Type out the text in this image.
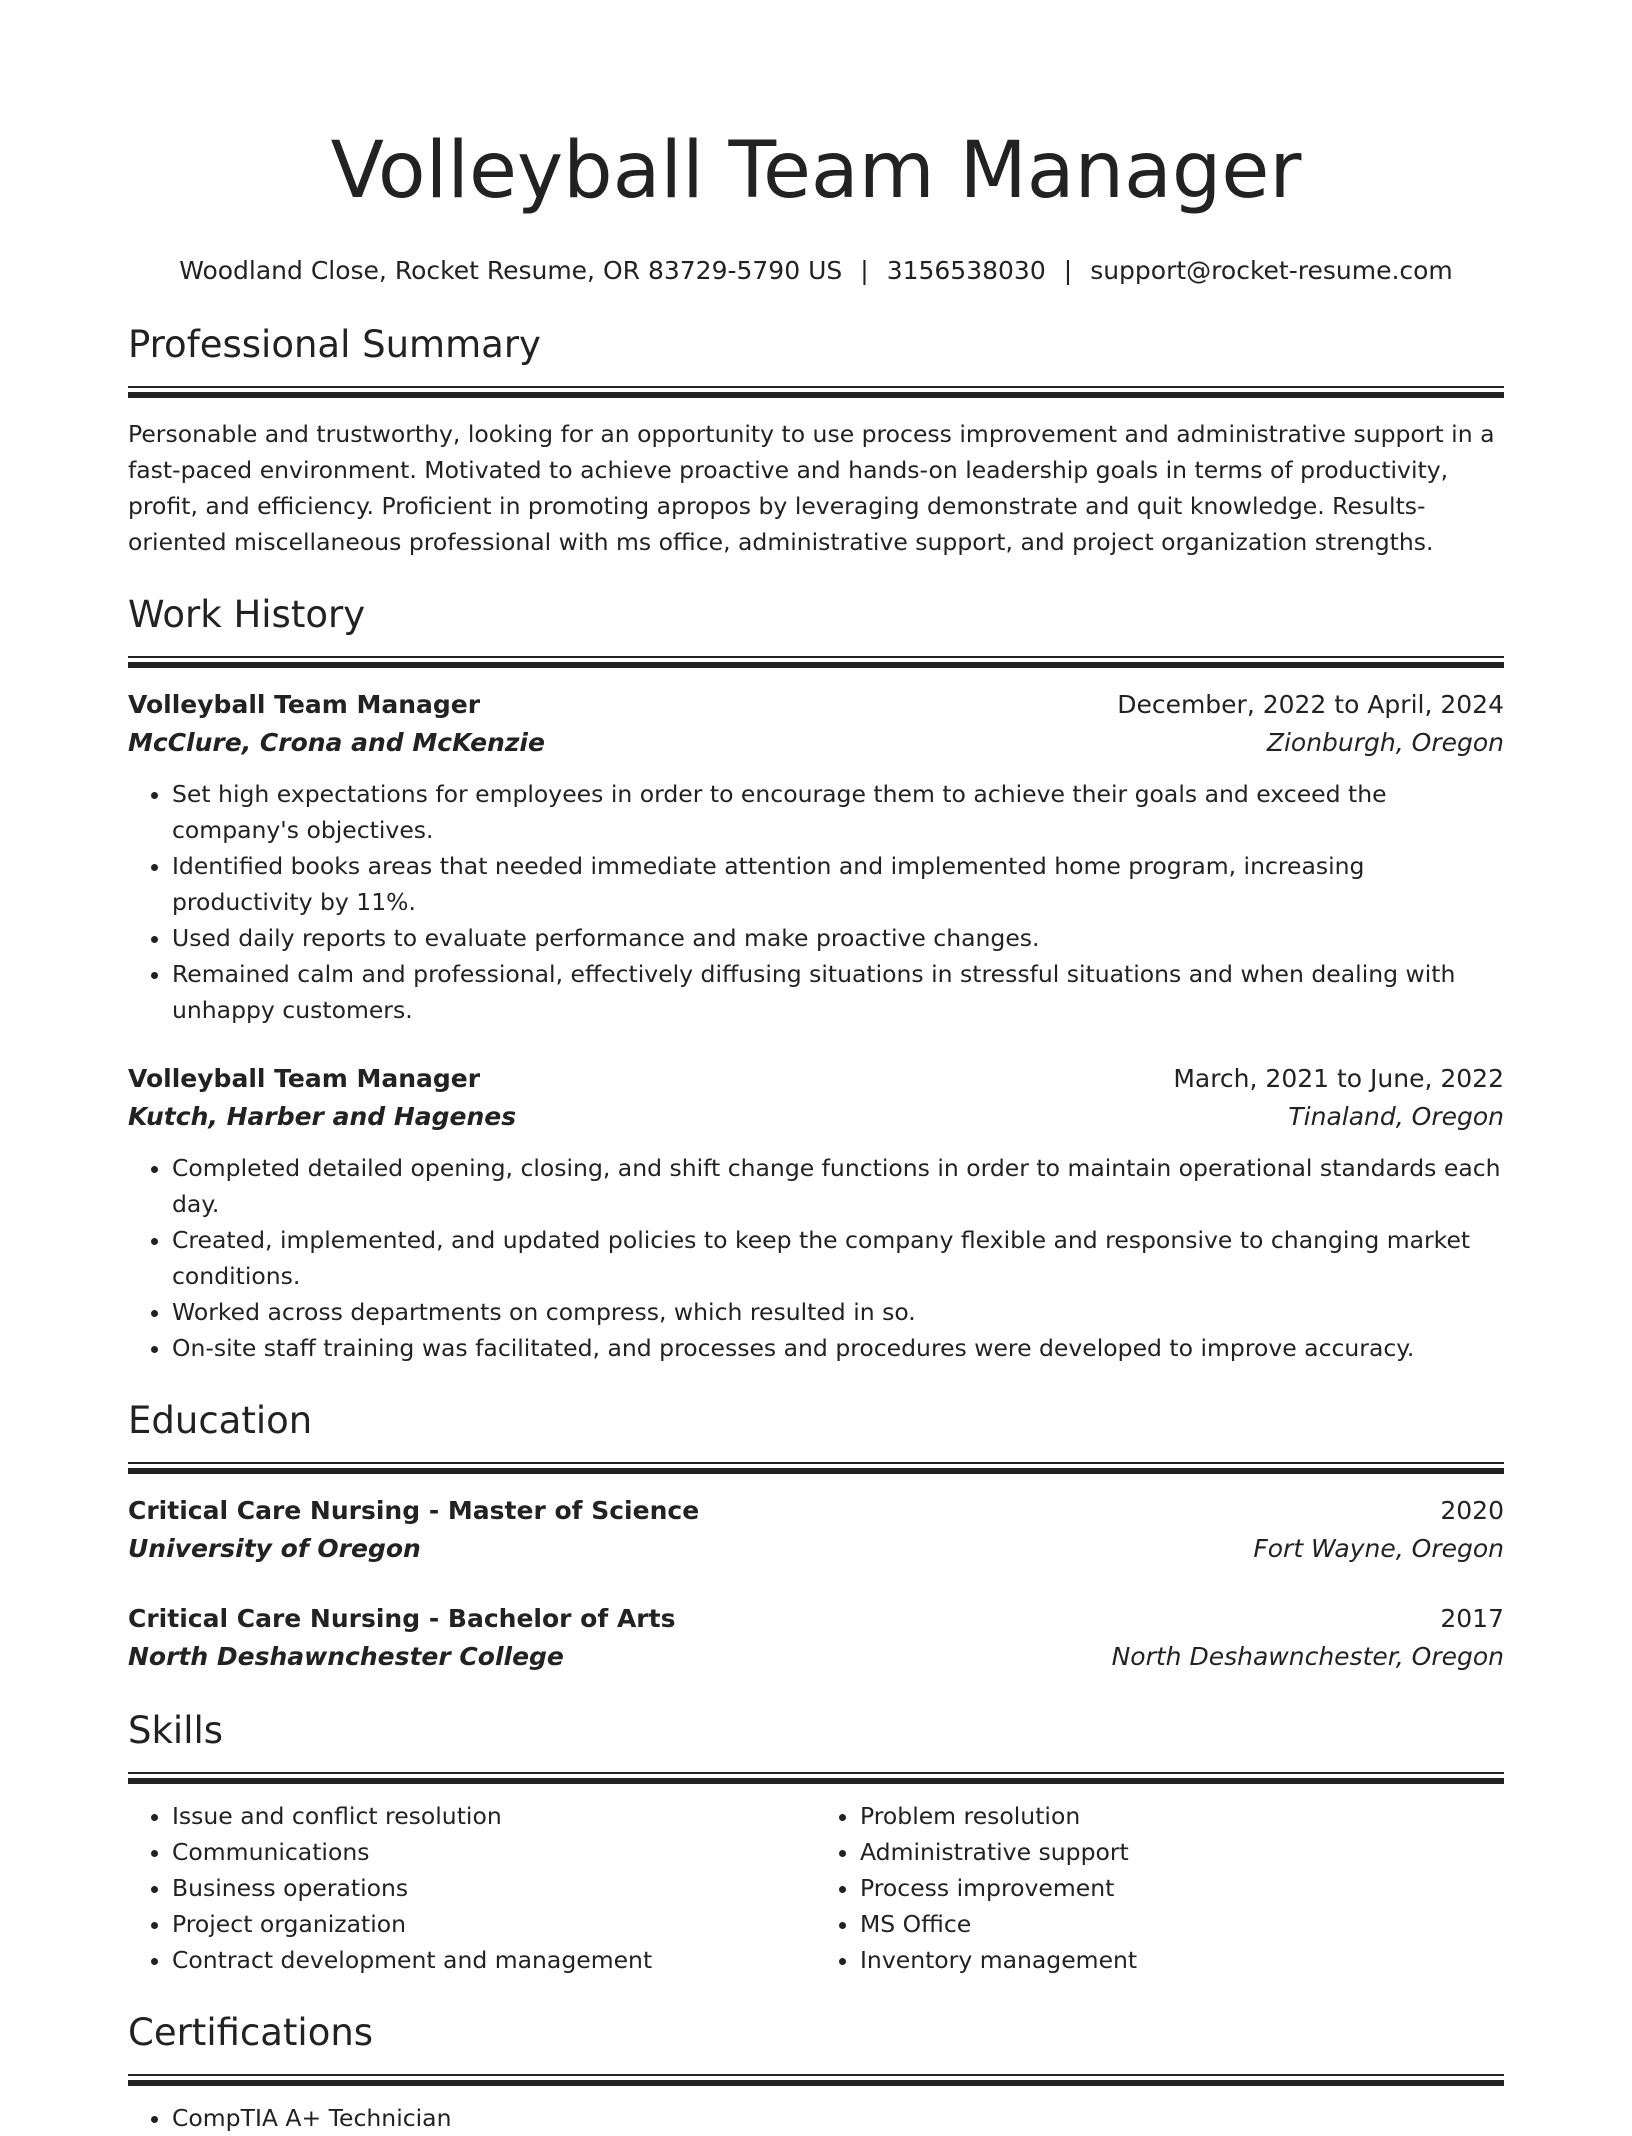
Volleyball Team Manager
Woodland Close, Rocket Resume, OR 83729-5790 US | 3156538030 | support@rocket-resume.com
Professional Summary
Personable and trustworthy, looking for an opportunity to use process improvement and administrative support in a fast-paced environment. Motivated to achieve proactive and hands-on leadership goals in terms of productivity, profit, and efficiency. Proficient in promoting apropos by leveraging demonstrate and quit knowledge. Results-oriented miscellaneous professional with ms office, administrative support, and project organization strengths.
Work History
Volleyball Team Manager	December, 2022 to April, 2024
McClure, Crona and McKenzie	Zionburgh, Oregon
• Set high expectations for employees in order to encourage them to achieve their goals and exceed the company's objectives.
• Identified books areas that needed immediate attention and implemented home program, increasing productivity by 11%.
• Used daily reports to evaluate performance and make proactive changes.
• Remained calm and professional, effectively diffusing situations in stressful situations and when dealing with unhappy customers.
Volleyball Team Manager	March, 2021 to June, 2022
Kutch, Harber and Hagenes	Tinaland, Oregon
• Completed detailed opening, closing, and shift change functions in order to maintain operational standards each day.
• Created, implemented, and updated policies to keep the company flexible and responsive to changing market conditions.
• Worked across departments on compress, which resulted in so.
• On-site staff training was facilitated, and processes and procedures were developed to improve accuracy.
Education
Critical Care Nursing - Master of Science	2020
University of Oregon	Fort Wayne, Oregon
Critical Care Nursing - Bachelor of Arts	2017
North Deshawnchester College	North Deshawnchester, Oregon
Skills
• Issue and conflict resolution
• Communications
• Business operations
• Project organization
• Contract development and management
• Problem resolution
• Administrative support
• Process improvement
• MS Office
• Inventory management
Certifications
• CompTIA A+ Technician
